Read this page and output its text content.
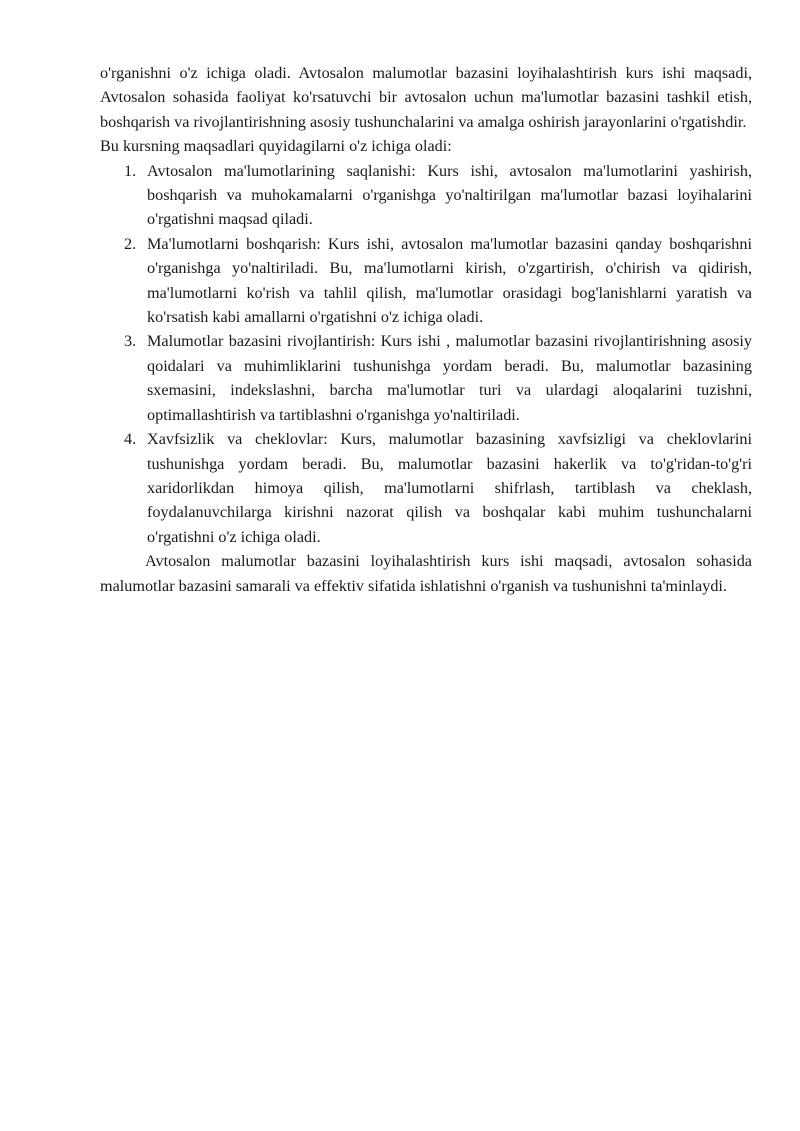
o'rganishni o'z ichiga oladi. Avtosalon malumotlar bazasini loyihalashtirish kurs ishi maqsadi, Avtosalon sohasida faoliyat ko'rsatuvchi bir avtosalon uchun ma'lumotlar bazasini tashkil etish, boshqarish va rivojlantirishning asosiy tushunchalarini va amalga oshirish jarayonlarini o'rgatishdir.

Bu kursning maqsadlari quyidagilarni o'z ichiga oladi:

1. Avtosalon ma'lumotlarining saqlanishi: Kurs ishi, avtosalon ma'lumotlarini yashirish, boshqarish va muhokamalarni o'rganishga yo'naltirilgan ma'lumotlar bazasi loyihalarini o'rgatishni maqsad qiladi.
2. Ma'lumotlarni boshqarish: Kurs ishi, avtosalon ma'lumotlar bazasini qanday boshqarishni o'rganishga yo'naltiriladi. Bu, ma'lumotlarni kirish, o'zgartirish, o'chirish va qidirish, ma'lumotlarni ko'rish va tahlil qilish, ma'lumotlar orasidagi bog'lanishlarni yaratish va ko'rsatish kabi amallarni o'rgatishni o'z ichiga oladi.
3. Malumotlar bazasini rivojlantirish: Kurs ishi , malumotlar bazasini rivojlantirishning asosiy qoidalari va muhimliklarini tushunishga yordam beradi. Bu, malumotlar bazasining sxemasini, indekslashni, barcha ma'lumotlar turi va ulardagi aloqalarini tuzishni, optimallashtirish va tartiblashni o'rganishga yo'naltiriladi.
4. Xavfsizlik va cheklovlar: Kurs, malumotlar bazasining xavfsizligi va cheklovlarini tushunishga yordam beradi. Bu, malumotlar bazasini hakerlik va to'g'ridan-to'g'ri xaridorlikdan himoya qilish, ma'lumotlarni shifrlash, tartiblash va cheklash, foydalanuvchilarga kirishni nazorat qilish va boshqalar kabi muhim tushunchalarni o'rgatishni o'z ichiga oladi.

Avtosalon malumotlar bazasini loyihalashtirish kurs ishi maqsadi, avtosalon sohasida malumotlar bazasini samarali va effektiv sifatida ishlatishni o'rganish va tushunishni ta'minlaydi.
